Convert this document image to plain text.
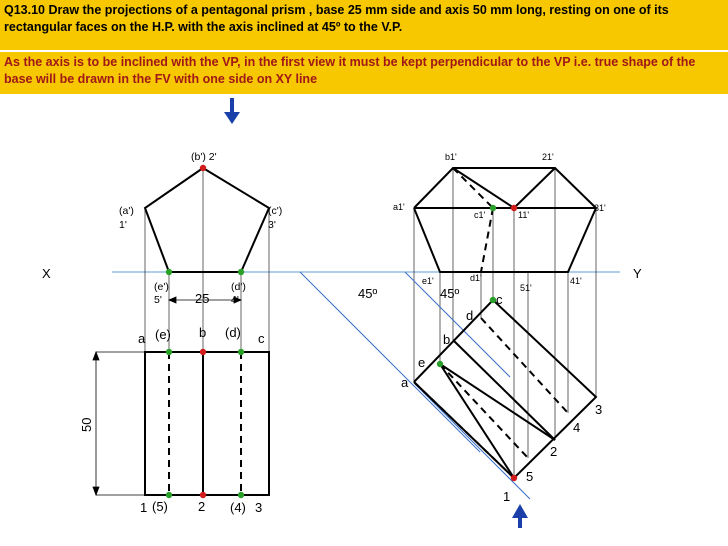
Q13.10 Draw the projections of a pentagonal prism , base 25 mm side and axis 50 mm long, resting on one of its rectangular faces on the H.P. with the axis inclined at 45º to the V.P.
As the axis is to be inclined with the VP, in the first view it must be kept perpendicular to the VP i.e. true shape of the base will be drawn in the FV with one side on XY line
X	Y
25
(b') 2'
(a')
1'
(c')
3'
(e')
5'
(d')
4'
50
a (e) b (d) c
1 (5) 2 (4) 3
b1'	21'
a1'
c1'	11'
31'
e1'	d1'
51'
41'
45º	45º
a
e
b
d
c
1
5
2
4
3
